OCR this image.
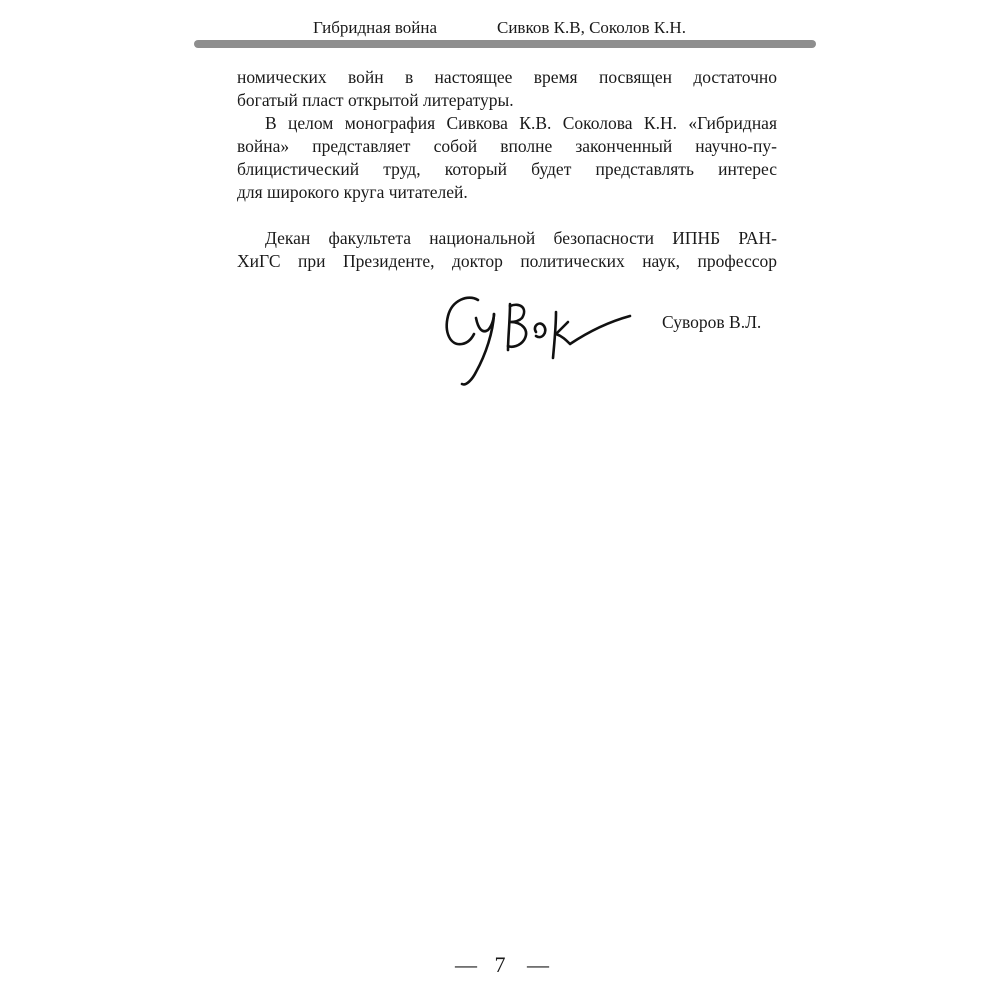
Гибридная война	Сивков К.В, Соколов К.Н.

номических войн в настоящее время посвящен достаточно
богатый пласт открытой литературы.

В целом монография Сивкова К.В. Соколова К.Н. «Гибридная
война» представляет собой вполне законченный научно-пу-
блицистический труд, который будет представлять интерес
для широкого круга читателей.

Декан факультета национальной безопасности ИПНБ РАН-
ХиГС при Президенте, доктор политических наук, профессор

Суворов В.Л.
— 7 —
